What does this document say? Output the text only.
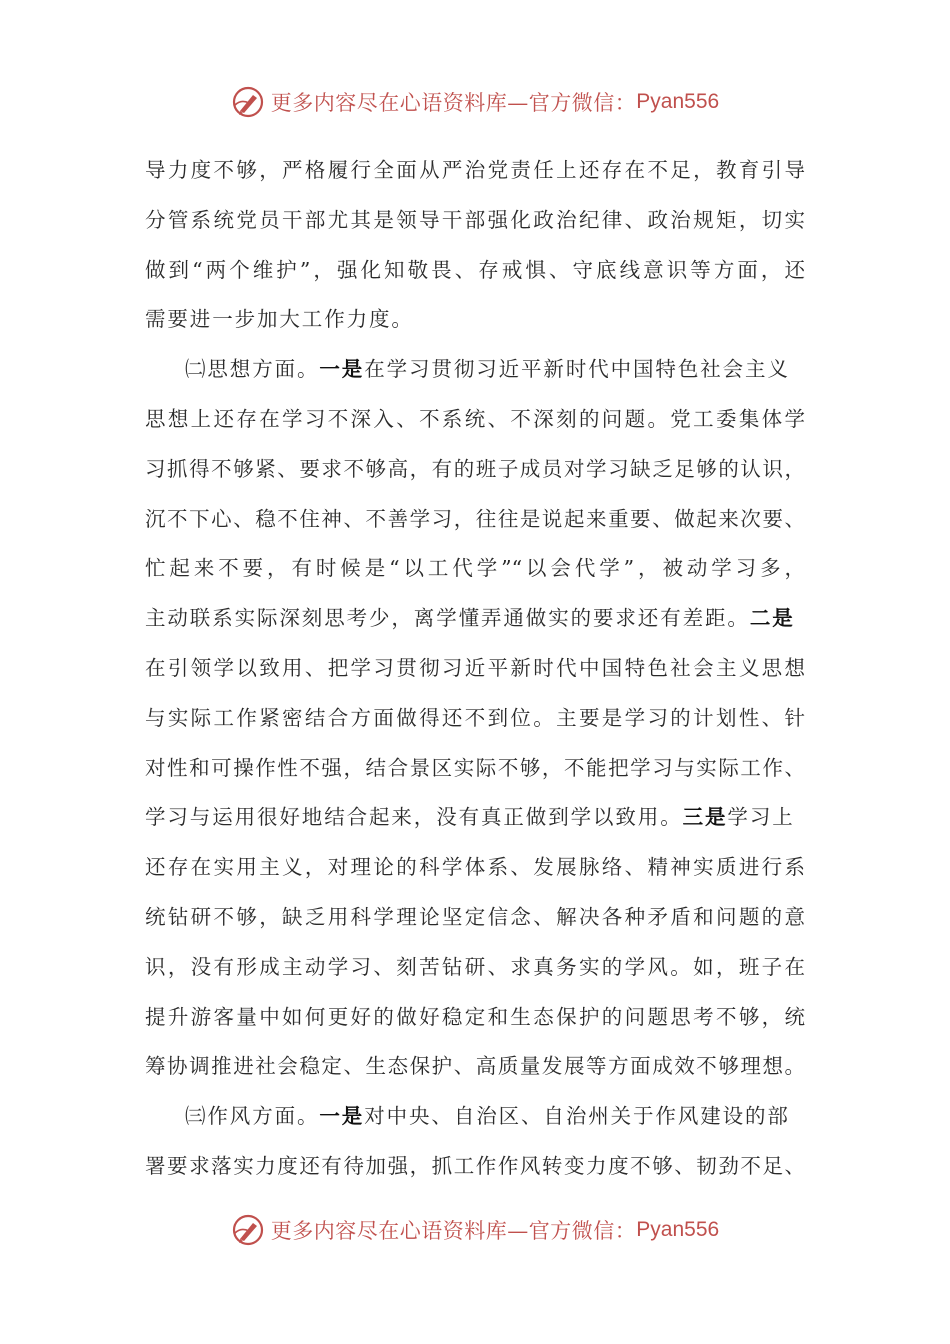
更多内容尽在心语资料库—官方微信： Pyan556
导力度不够，严格履行全面从严治党责任上还存在不足，教育引导
分管系统党员干部尤其是领导干部强化政治纪律、政治规矩，切实
做到“两个维护”，强化知敬畏、存戒惧、守底线意识等方面，还
需要进一步加大工作力度。
㈡思想方面。一是在学习贯彻习近平新时代中国特色社会主义
思想上还存在学习不深入、不系统、不深刻的问题。党工委集体学
习抓得不够紧、要求不够高，有的班子成员对学习缺乏足够的认识，
沉不下心、稳不住神、不善学习，往往是说起来重要、做起来次要、
忙起来不要，有时候是“以工代学”“以会代学”，被动学习多，
主动联系实际深刻思考少，离学懂弄通做实的要求还有差距。二是
在引领学以致用、把学习贯彻习近平新时代中国特色社会主义思想
与实际工作紧密结合方面做得还不到位。主要是学习的计划性、针
对性和可操作性不强，结合景区实际不够，不能把学习与实际工作、
学习与运用很好地结合起来，没有真正做到学以致用。三是学习上
还存在实用主义，对理论的科学体系、发展脉络、精神实质进行系
统钻研不够，缺乏用科学理论坚定信念、解决各种矛盾和问题的意
识，没有形成主动学习、刻苦钻研、求真务实的学风。如，班子在
提升游客量中如何更好的做好稳定和生态保护的问题思考不够，统
筹协调推进社会稳定、生态保护、高质量发展等方面成效不够理想。
㈢作风方面。一是对中央、自治区、自治州关于作风建设的部
署要求落实力度还有待加强，抓工作作风转变力度不够、韧劲不足、
更多内容尽在心语资料库—官方微信： Pyan556
